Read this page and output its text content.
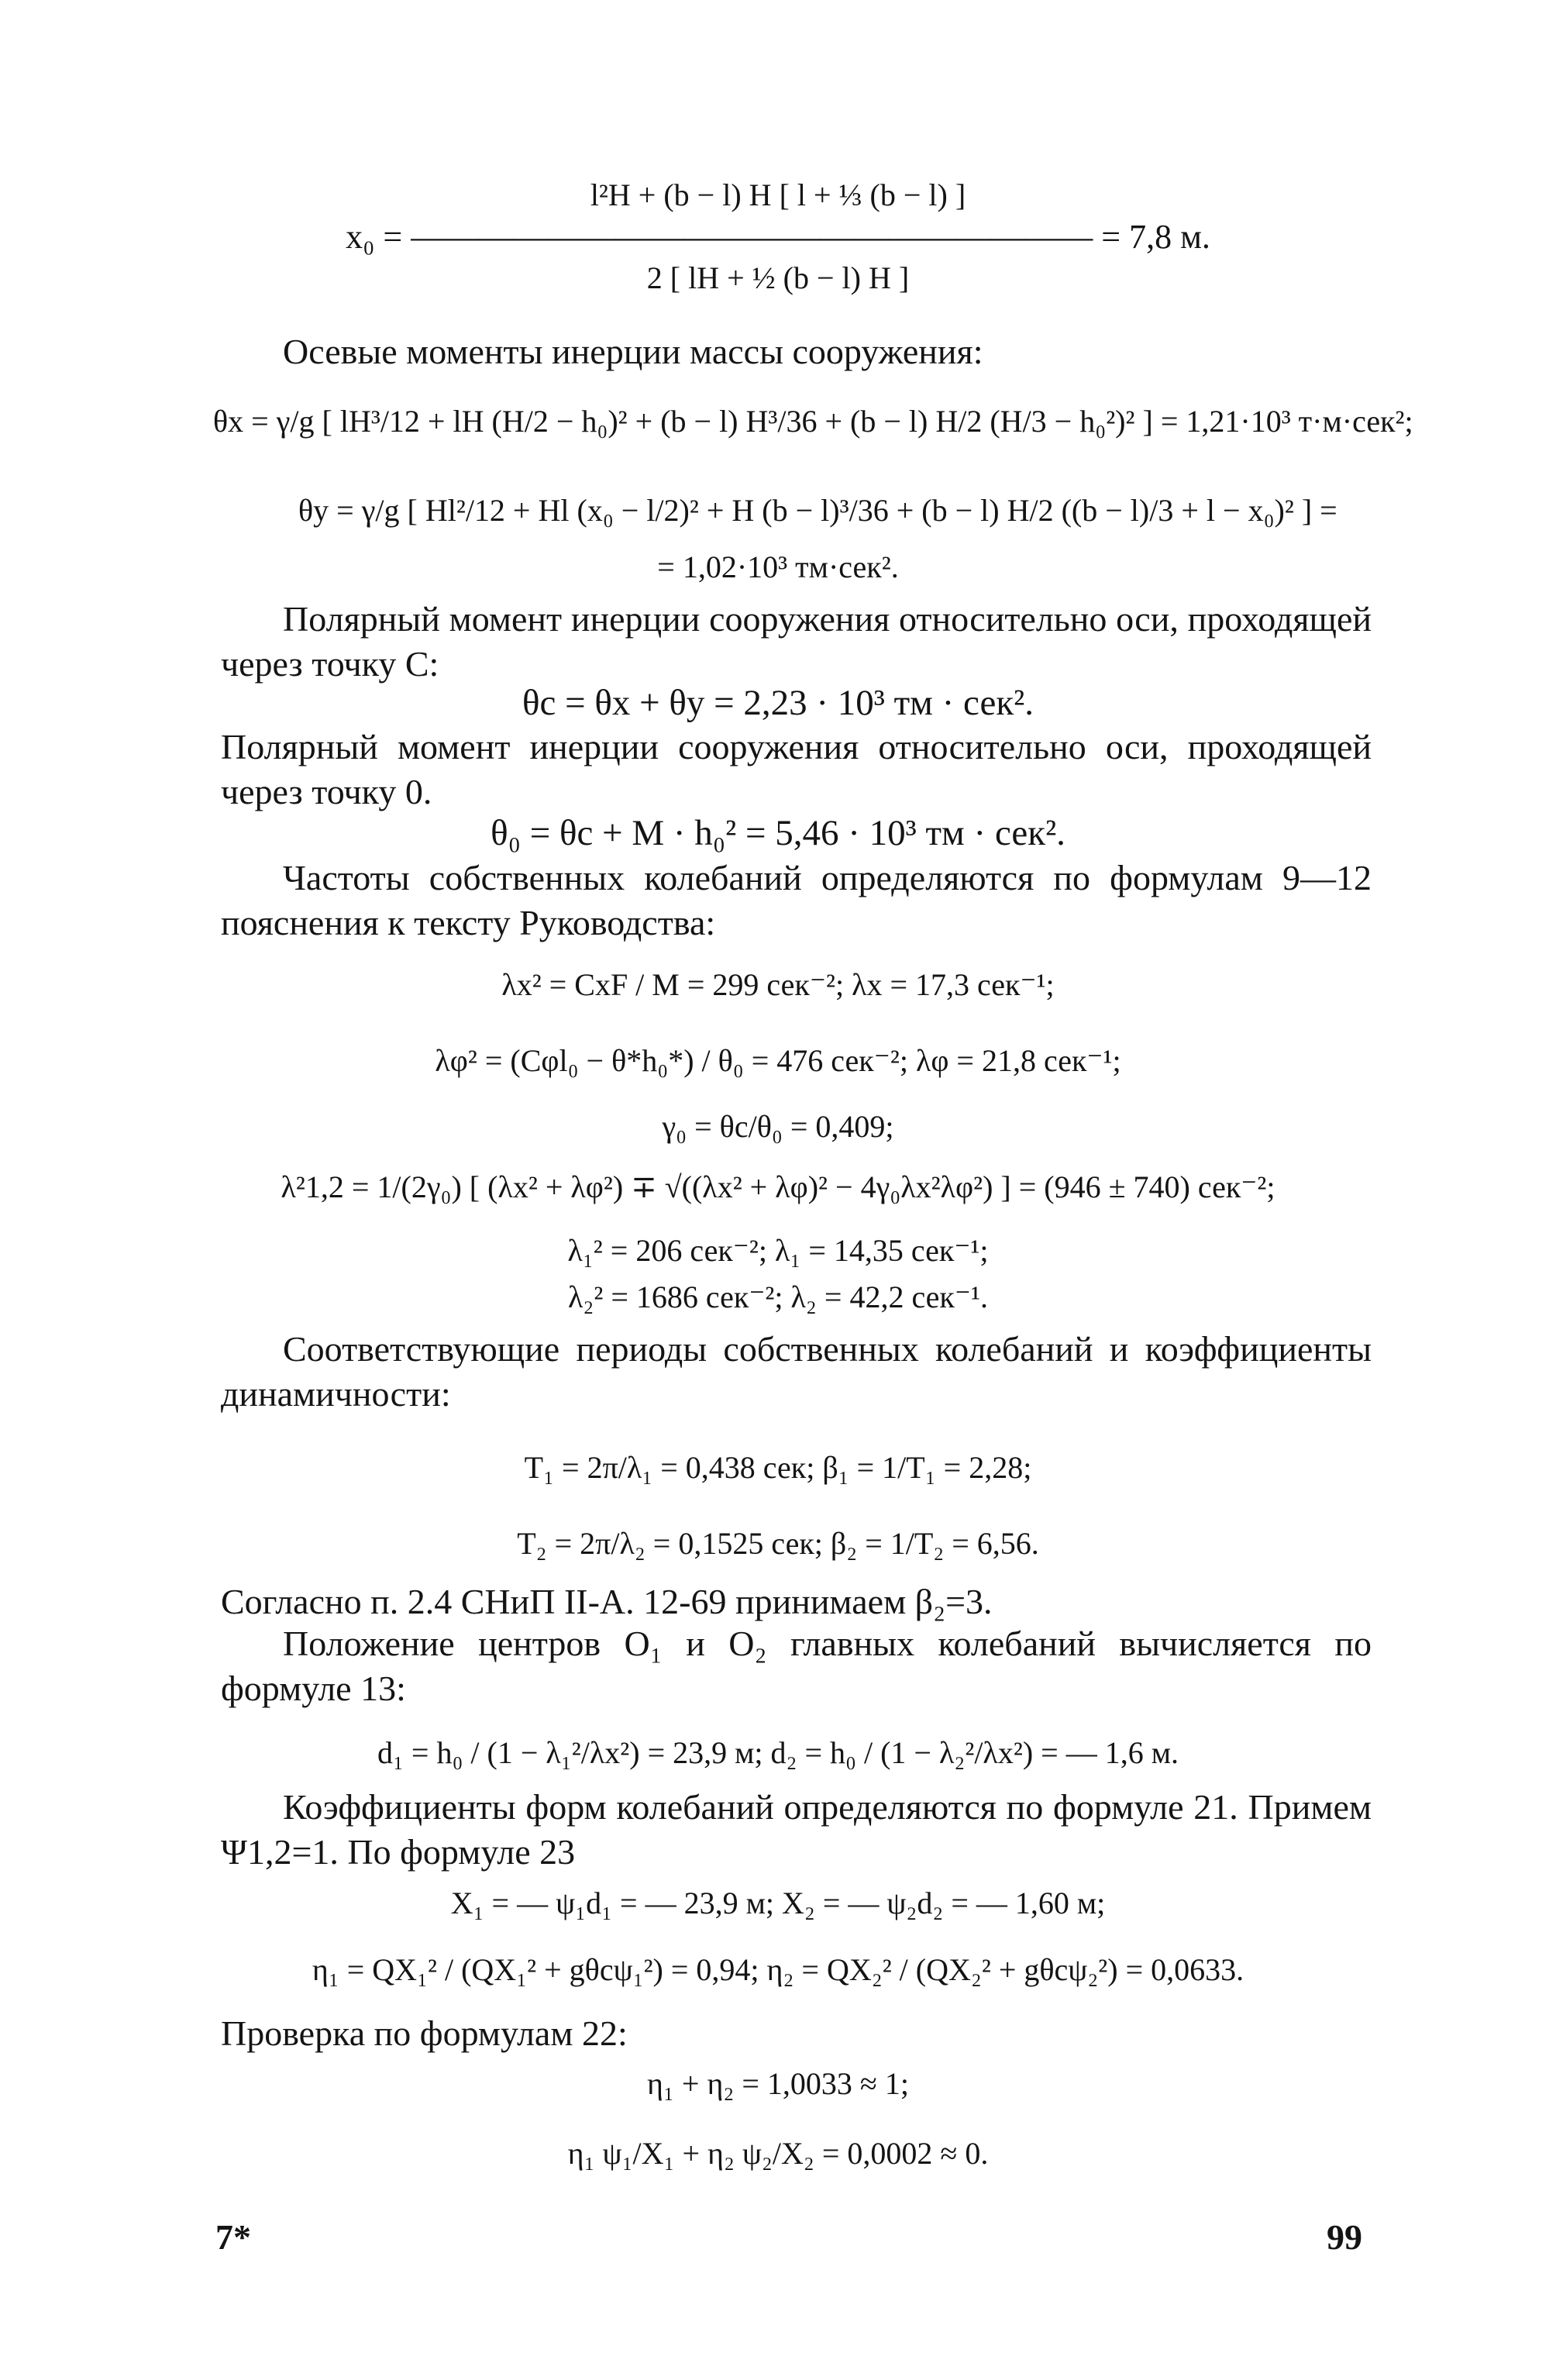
l²H + (b − l) H [ l + ⅓ (b − l) ]
x₀ = ———————————————————— = 7,8 м.
2 [ lH + ½ (b − l) H ]
Осевые моменты инерции массы сооружения:
θx = γ/g [ lH³/12 + lH (H/2 − h₀)² + (b − l) H³/36 + (b − l) H/2 (H/3 − h₀²)² ] = 1,21·10³ т·м·сек²;
θy = γ/g [ Hl²/12 + Hl (x₀ − l/2)² + H (b − l)³/36 + (b − l) H/2 ((b − l)/3 + l − x₀)² ] =
= 1,02·10³ тм·сек².
Полярный момент инерции сооружения относительно оси, проходящей через точку C:
θc = θx + θy = 2,23 · 10³ тм · сек².
Полярный момент инерции сооружения относительно оси, проходящей через точку 0.
θ₀ = θc + M · h₀² = 5,46 · 10³ тм · сек².
Частоты собственных колебаний определяются по формулам 9—12 пояснения к тексту Руководства:
λx² = CxF / M = 299 сек⁻²; λx = 17,3 сек⁻¹;
λφ² = (Cφl₀ − θ*h₀*) / θ₀ = 476 сек⁻²; λφ = 21,8 сек⁻¹;
γ₀ = θc/θ₀ = 0,409;
λ²1,2 = 1/(2γ₀) [ (λx² + λφ²) ∓ √((λx² + λφ)² − 4γ₀λx²λφ²) ] = (946 ± 740) сек⁻²;
λ₁² = 206 сек⁻²; λ₁ = 14,35 сек⁻¹;
λ₂² = 1686 сек⁻²; λ₂ = 42,2 сек⁻¹.
Соответствующие периоды собственных колебаний и коэффициенты динамичности:
T₁ = 2π/λ₁ = 0,438 сек; β₁ = 1/T₁ = 2,28;
T₂ = 2π/λ₂ = 0,1525 сек; β₂ = 1/T₂ = 6,56.
Согласно п. 2.4 СНиП II-А. 12-69 принимаем β₂=3.
Положение центров O₁ и O₂ главных колебаний вычисляется по формуле 13:
d₁ = h₀ / (1 − λ₁²/λx²) = 23,9 м; d₂ = h₀ / (1 − λ₂²/λx²) = — 1,6 м.
Коэффициенты форм колебаний определяются по формуле 21. Примем Ψ1,2=1. По формуле 23
X₁ = — ψ₁d₁ = — 23,9 м; X₂ = — ψ₂d₂ = — 1,60 м;
η₁ = QX₁² / (QX₁² + gθcψ₁²) = 0,94; η₂ = QX₂² / (QX₂² + gθcψ₂²) = 0,0633.
Проверка по формулам 22:
η₁ + η₂ = 1,0033 ≈ 1;
η₁ ψ₁/X₁ + η₂ ψ₂/X₂ = 0,0002 ≈ 0.
7*	99
